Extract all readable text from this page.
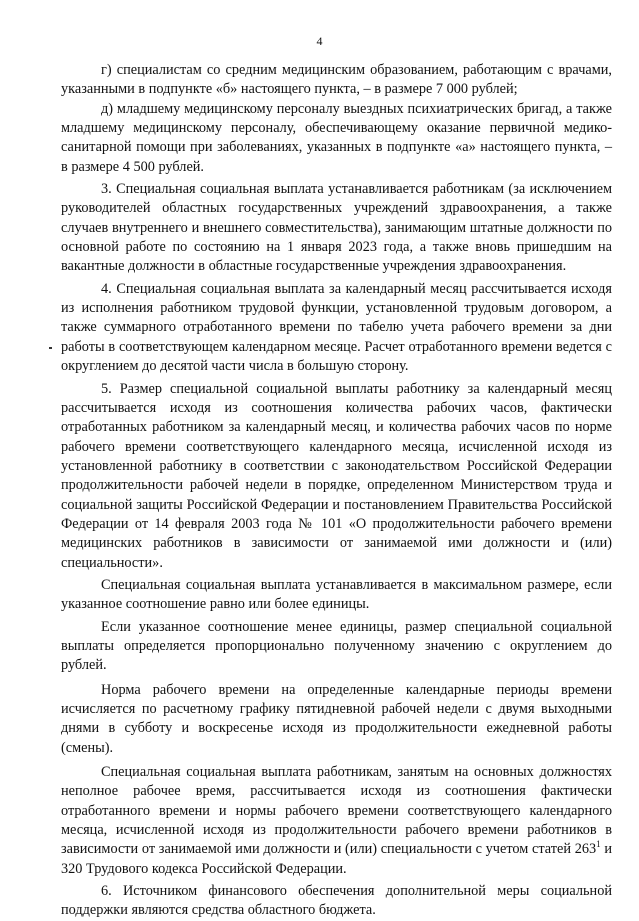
4

г) специалистам со средним медицинским образованием, работающим с врачами, указанными в подпункте «б» настоящего пункта, – в размере 7 000 рублей;

д) младшему медицинскому персоналу выездных психиатрических бригад, а также младшему медицинскому персоналу, обеспечивающему оказание первичной медико-санитарной помощи при заболеваниях, указанных в подпункте «а» настоящего пункта, – в размере 4 500 рублей.

3. Специальная социальная выплата устанавливается работникам (за исключением руководителей областных государственных учреждений здравоохранения, а также случаев внутреннего и внешнего совместительства), занимающим штатные должности по основной работе по состоянию на 1 января 2023 года, а также вновь пришедшим на вакантные должности в областные государственные учреждения здравоохранения.

4. Специальная социальная выплата за календарный месяц рассчитывается исходя из исполнения работником трудовой функции, установленной трудовым договором, а также суммарного отработанного времени по табелю учета рабочего времени за дни работы в соответствующем календарном месяце. Расчет отработанного времени ведется с округлением до десятой части числа в большую сторону.

5. Размер специальной социальной выплаты работнику за календарный месяц рассчитывается исходя из соотношения количества рабочих часов, фактически отработанных работником за календарный месяц, и количества рабочих часов по норме рабочего времени соответствующего календарного месяца, исчисленной исходя из установленной работнику в соответствии с законодательством Российской Федерации продолжительности рабочей недели в порядке, определенном Министерством труда и социальной защиты Российской Федерации и постановлением Правительства Российской Федерации от 14 февраля 2003 года № 101 «О продолжительности рабочего времени медицинских работников в зависимости от занимаемой ими должности и (или) специальности».

Специальная социальная выплата устанавливается в максимальном размере, если указанное соотношение равно или более единицы.

Если указанное соотношение менее единицы, размер специальной социальной выплаты определяется пропорционально полученному значению с округлением до рублей.

Норма рабочего времени на определенные календарные периоды времени исчисляется по расчетному графику пятидневной рабочей недели с двумя выходными днями в субботу и воскресенье исходя из продолжительности ежедневной работы (смены).

Специальная социальная выплата работникам, занятым на основных должностях неполное рабочее время, рассчитывается исходя из соотношения фактически отработанного времени и нормы рабочего времени соответствующего календарного месяца, исчисленной исходя из продолжительности рабочего времени работников в зависимости от занимаемой ими должности и (или) специальности с учетом статей $263^1$ и 320 Трудового кодекса Российской Федерации.

6. Источником финансового обеспечения дополнительной меры социальной поддержки являются средства областного бюджета.
